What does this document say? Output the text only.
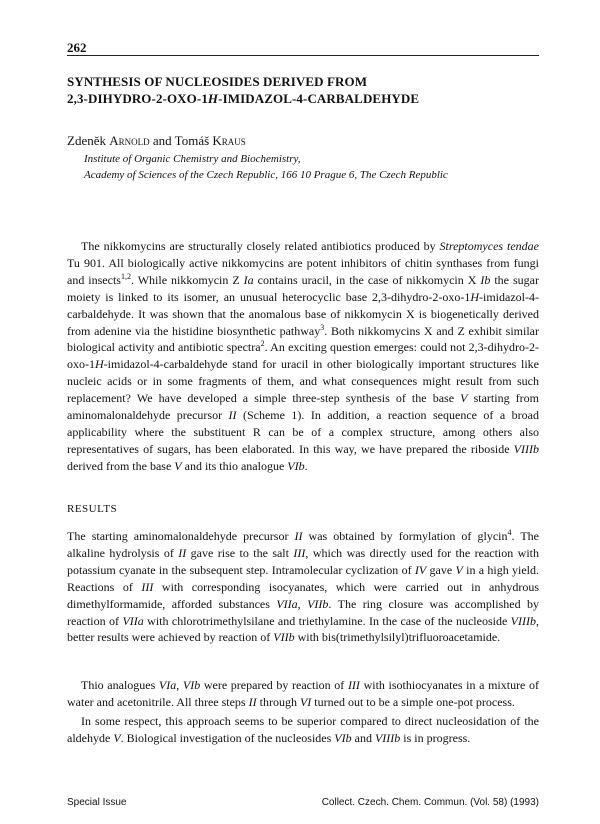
262
SYNTHESIS OF NUCLEOSIDES DERIVED FROM
2,3-DIHYDRO-2-OXO-1H-IMIDAZOL-4-CARBALDEHYDE
Zdeněk Arnold and Tomáš Kraus
Institute of Organic Chemistry and Biochemistry,
Academy of Sciences of the Czech Republic, 166 10 Prague 6, The Czech Republic
The nikkomycins are structurally closely related antibiotics produced by Streptomyces tendae Tu 901. All biologically active nikkomycins are potent inhibitors of chitin synthases from fungi and insects$^{1,2}$. While nikkomycin Z Ia contains uracil, in the case of nikkomycin X Ib the sugar moiety is linked to its isomer, an unusual heterocyclic base 2,3-dihydro-2-oxo-1H-imidazol-4-carbaldehyde. It was shown that the anomalous base of nikkomycin X is biogenetically derived from adenine via the histidine biosynthetic pathway$^3$. Both nikkomycins X and Z exhibit similar biological activity and antibiotic spectra$^2$. An exciting question emerges: could not 2,3-dihydro-2-oxo-1H-imidazol-4-carbaldehyde stand for uracil in other biologically important structures like nucleic acids or in some fragments of them, and what consequences might result from such replacement? We have developed a simple three-step synthesis of the base V starting from aminomalonaldehyde precursor II (Scheme 1). In addition, a reaction sequence of a broad applicability where the substituent R can be of a complex structure, among others also representatives of sugars, has been elaborated. In this way, we have prepared the riboside VIIIb derived from the base V and its thio analogue VIb.
RESULTS
The starting aminomalonaldehyde precursor II was obtained by formylation of glycin$^4$. The alkaline hydrolysis of II gave rise to the salt III, which was directly used for the reaction with potassium cyanate in the subsequent step. Intramolecular cyclization of IV gave V in a high yield. Reactions of III with corresponding isocyanates, which were carried out in anhydrous dimethylformamide, afforded substances VIIa, VIIb. The ring closure was accomplished by reaction of VIIa with chlorotrimethylsilane and triethylamine. In the case of the nucleoside VIIIb, better results were achieved by reaction of VIIb with bis(trimethylsilyl)trifluoroacetamide.
Thio analogues VIa, VIb were prepared by reaction of III with isothiocyanates in a mixture of water and acetonitrile. All three steps II through VI turned out to be a simple one-pot process.
In some respect, this approach seems to be superior compared to direct nucleosidation of the aldehyde V. Biological investigation of the nucleosides VIb and VIIIb is in progress.
Special Issue	Collect. Czech. Chem. Commun. (Vol. 58) (1993)
